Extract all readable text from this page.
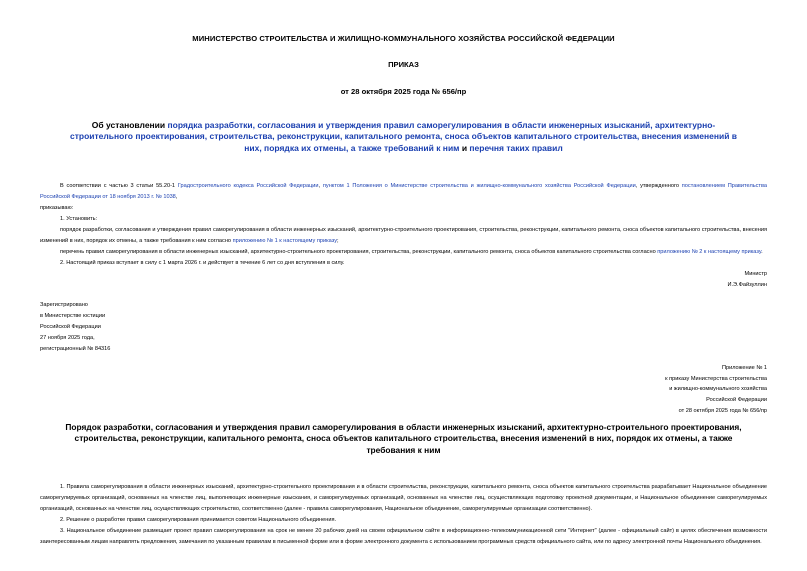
МИНИСТЕРСТВО СТРОИТЕЛЬСТВА И ЖИЛИЩНО-КОММУНАЛЬНОГО ХОЗЯЙСТВА РОССИЙСКОЙ ФЕДЕРАЦИИ

ПРИКАЗ

от 28 октября 2025 года № 656/пр

Об установлении порядка разработки, согласования и утверждения правил саморегулирования в области инженерных изысканий, архитектурно-строительного проектирования, строительства, реконструкции, капитального ремонта, сноса объектов капитального строительства, внесения изменений в них, порядка их отмены, а также требований к ним и перечня таких правил

В соответствии с частью 3 статьи 55.20-1 Градостроительного кодекса Российской Федерации, пунктом 1 Положения о Министерстве строительства и жилищно-коммунального хозяйства Российской Федерации, утвержденного постановлением Правительства Российской Федерации от 18 ноября 2013 г. № 1038,

приказываю:

1. Установить:

порядок разработки, согласования и утверждения правил саморегулирования в области инженерных изысканий, архитектурно-строительного проектирования, строительства, реконструкции, капитального ремонта, сноса объектов капитального строительства, внесения изменений в них, порядок их отмены, а также требования к ним согласно приложению № 1 к настоящему приказу;

перечень правил саморегулирования в области инженерных изысканий, архитектурно-строительного проектирования, строительства, реконструкции, капитального ремонта, сноса объектов капитального строительства согласно приложению № 2 к настоящему приказу.

2. Настоящий приказ вступает в силу с 1 марта 2026 г. и действует в течение 6 лет со дня вступления в силу.

Министр

И.Э.Файзуллин

Зарегистрировано

в Министерстве юстиции

Российской Федерации

27 ноября 2025 года,

регистрационный № 84316

Приложение № 1

к приказу Министерства строительства

и жилищно-коммунального хозяйства

Российской Федерации

от 28 октября 2025 года № 656/пр

Порядок разработки, согласования и утверждения правил саморегулирования в области инженерных изысканий, архитектурно-строительного проектирования, строительства, реконструкции, капитального ремонта, сноса объектов капитального строительства, внесения изменений в них, порядок их отмены, а также требования к ним

1. Правила саморегулирования в области инженерных изысканий, архитектурно-строительного проектирования и в области строительства, реконструкции, капитального ремонта, сноса объектов капитального строительства разрабатывает Национальное объединение саморегулируемых организаций, основанных на членстве лиц, выполняющих инженерные изыскания, и саморегулируемых организаций, основанных на членстве лиц, осуществляющих подготовку проектной документации, и Национальное объединение саморегулируемых организаций, основанных на членстве лиц, осуществляющих строительство, соответственно (далее - правила саморегулирования, Национальное объединение, саморегулируемые организации соответственно).

2. Решение о разработке правил саморегулирования принимается советом Национального объединения.

3. Национальное объединение размещает проект правил саморегулирования на срок не менее 20 рабочих дней на своем официальном сайте в информационно-телекоммуникационной сети "Интернет" (далее - официальный сайт) в целях обеспечения возможности заинтересованным лицам направлять предложения, замечания по указанным правилам в письменной форме или в форме электронного документа с использованием программных средств официального сайта, или по адресу электронной почты Национального объединения.
